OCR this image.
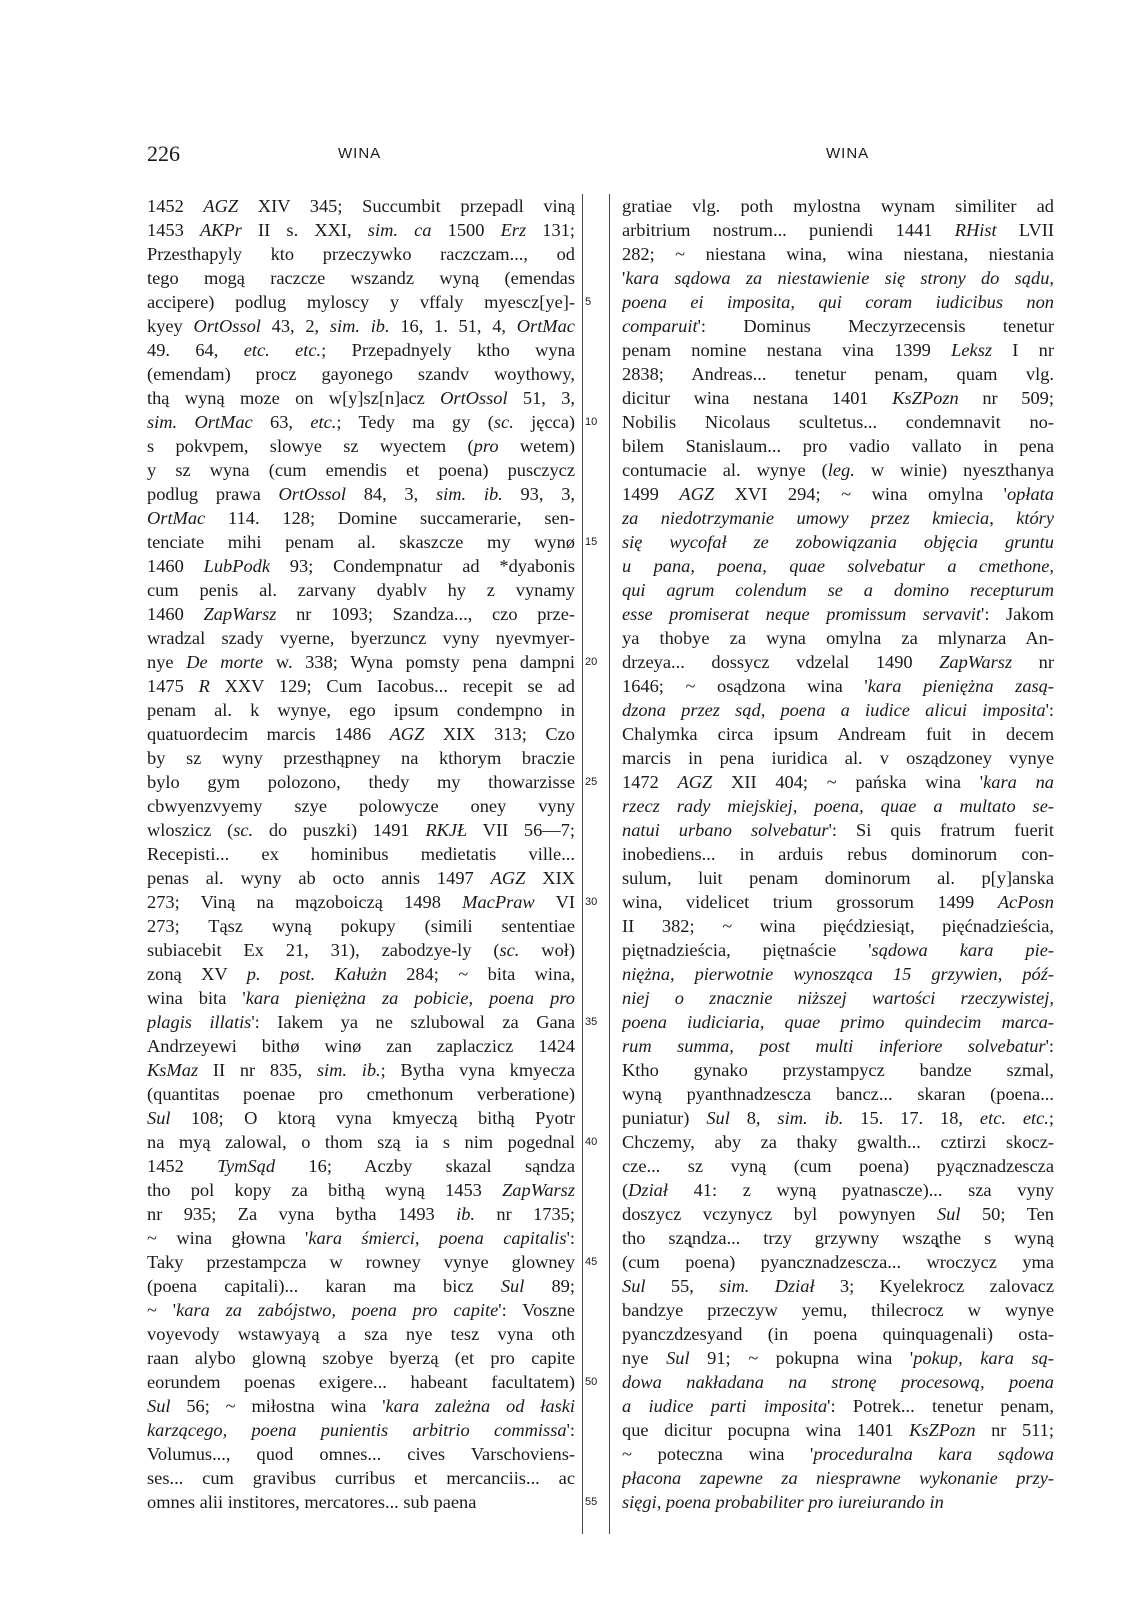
226	WINA	WINA
1452 AGZ XIV 345; Succumbit przepadl viną
1453 AKPr II s. XXI, sim. ca 1500 Erz 131;
Przesthapyly kto przeczywko raczczam..., od
tego mogą raczcze wszandz wyną (emendas
accipere) podlug myloscy y vffaly myescz[ye]-
kyey OrtOssol 43, 2, sim. ib. 16, 1. 51, 4, OrtMac
49. 64, etc. etc.; Przepadnyely ktho wyna
(emendam) procz gayonego szandv woythowy,
thą wyną moze on w[y]sz[n]acz OrtOssol 51, 3,
sim. OrtMac 63, etc.; Tedy ma gy (sc. jęcca)
s pokvpem, slowye sz wyectem (pro wetem)
y sz wyna (cum emendis et poena) pusczycz
podlug prawa OrtOssol 84, 3, sim. ib. 93, 3,
OrtMac 114. 128; Domine succamerarie, sen-
tenciate mihi penam al. skaszcze my wynø
1460 LubPodk 93; Condempnatur ad *dyabonis
cum penis al. zarvany dyablv hy z vynamy
1460 ZapWarsz nr 1093; Szandza..., czo prze-
wradzal szady vyerne, byerzuncz vyny nyevmyer-
nye De morte w. 338; Wyna pomsty pena dampni
1475 R XXV 129; Cum Iacobus... recepit se ad
penam al. k wynye, ego ipsum condempno in
quatuordecim marcis 1486 AGZ XIX 313; Czo
by sz wyny przesthąpney na kthorym braczie
bylo gym polozono, thedy my thowarzisse
cbwyenzvyemy szye polowycze oney vyny
wloszicz (sc. do puszki) 1491 RKJŁ VII 56—7;
Recepisti... ex hominibus medietatis ville...
penas al. wyny ab octo annis 1497 AGZ XIX
273; Viną na mązoboiczą 1498 MacPraw VI
273; Tąsz wyną pokupy (simili sententiae
subiacebit Ex 21, 31), zabodzye-ly (sc. woł)
zoną XV p. post. Kałużn 284; ~ bita wina,
wina bita 'kara pieniężna za pobicie, poena pro
plagis illatis': Iakem ya ne szlubowal za Gana
Andrzeyewi bithø winø zan zaplaczicz 1424
KsMaz II nr 835, sim. ib.; Bytha vyna kmyecza
(quantitas poenae pro cmethonum verberatione)
Sul 108; O ktorą vyna kmyeczą bithą Pyotr
na myą zalowal, o thom szą ia s nim pogednal
1452 TymSąd 16; Aczby skazal sąndza
tho pol kopy za bithą wyną 1453 ZapWarsz
nr 935; Za vyna bytha 1493 ib. nr 1735;
~ wina głowna 'kara śmierci, poena capitalis':
Taky przestampcza w rowney vynye glowney
(poena capitali)... karan ma bicz Sul 89;
~ 'kara za zabójstwo, poena pro capite': Voszne
voyevody wstawyayą a sza nye tesz vyna oth
raan alybo glowną szobye byerzą (et pro capite
eorundem poenas exigere... habeant facultatem)
Sul 56; ~ miłostna wina 'kara zależna od łaski
karzącego, poena punientis arbitrio commissa':
Volumus..., quod omnes... cives Varschoviens-
ses... cum gravibus curribus et mercanciis... ac
omnes alii institores, mercatores... sub paena
5
10
15
20
25
30
35
40
45
50
55
gratiae vlg. poth mylostna wynam similiter ad
arbitrium nostrum... puniendi 1441 RHist LVII
282; ~ niestana wina, wina niestana, niestania
'kara sądowa za niestawienie się strony do sądu,
poena ei imposita, qui coram iudicibus non
comparuit': Dominus Meczyrzecensis tenetur
penam nomine nestana vina 1399 Leksz I nr
2838; Andreas... tenetur penam, quam vlg.
dicitur wina nestana 1401 KsZPozn nr 509;
Nobilis Nicolaus scultetus... condemnavit no-
bilem Stanislaum... pro vadio vallato in pena
contumacie al. wynye (leg. w winie) nyeszthanya
1499 AGZ XVI 294; ~ wina omylna 'opłata
za niedotrzymanie umowy przez kmiecia, który
się wycofał ze zobowiązania objęcia gruntu
u pana, poena, quae solvebatur a cmethone,
qui agrum colendum se a domino recepturum
esse promiserat neque promissum servavit': Jakom
ya thobye za wyna omylna za mlynarza An-
drzeya... dossycz vdzelal 1490 ZapWarsz nr
1646; ~ osądzona wina 'kara pieniężna zasą-
dzona przez sąd, poena a iudice alicui imposita':
Chalymka circa ipsum Andream fuit in decem
marcis in pena iuridica al. v osządzoney vynye
1472 AGZ XII 404; ~ pańska wina 'kara na
rzecz rady miejskiej, poena, quae a multato se-
natui urbano solvebatur': Si quis fratrum fuerit
inobediens... in arduis rebus dominorum con-
sulum, luit penam dominorum al. p[y]anska
wina, videlicet trium grossorum 1499 AcPosn
II 382; ~ wina pięćdziesiąt, pięćnadzieścia,
piętnadzieścia, piętnaście 'sądowa kara pie-
niężna, pierwotnie wynosząca 15 grzywien, póź-
niej o znacznie niższej wartości rzeczywistej,
poena iudiciaria, quae primo quindecim marca-
rum summa, post multi inferiore solvebatur':
Ktho gynako przystampycz bandze szmal,
wyną pyanthnadzescza bancz... skaran (poena...
puniatur) Sul 8, sim. ib. 15. 17. 18, etc. etc.;
Chczemy, aby za thaky gwalth... cztirzi skocz-
cze... sz vyną (cum poena) pyącznadzescza
(Dział 41: z wyną pyatnascze)... sza vyny
doszycz vczynycz byl powynyen Sul 50; Ten
tho szą̨ndza... trzy grzywny wszą̨the s wyną
(cum poena) pyancznadzescza... wroczycz yma
Sul 55, sim. Dział 3; Kyelekrocz zalovacz
bandzye przeczyw yemu, thilecrocz w wynye
pyanczdzesyand (in poena quinquagenali) osta-
nye Sul 91; ~ pokupna wina 'pokup, kara są-
dowa nakładana na stronę procesową, poena
a iudice parti imposita': Potrek... tenetur penam,
que dicitur pocupna wina 1401 KsZPozn nr 511;
~ poteczna wina 'proceduralna kara sądowa
płacona zapewne za niesprawne wykonanie przy-
sięgi, poena probabiliter pro iureiurando in
